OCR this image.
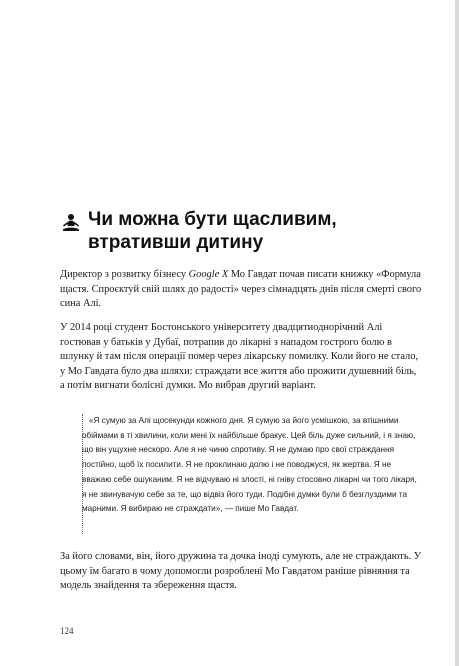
Чи можна бути щасливим,
втративши дитину

Директор з розвитку бізнесу Google X Мо Гавдат почав писати книжку «Формула щастя. Спроєктуй свій шлях до радості» через сімнадцять днів після смерті свого сина Алі.

У 2014 році студент Бостонського університету двадцятиоднорічний Алі гостював у батьків у Дубаї, потрапив до лікарні з нападом гострого болю в шлунку й там після операції помер через лікарську помилку. Коли його не стало, у Мо Гавдата було два шляхи: страждати все життя або прожити душевний біль, а потім вигнати болісні думки. Мо вибрав другий варіант.

«Я сумую за Алі щосекунди кожного дня. Я сумую за його усмішкою, за втішними обіймами в ті хвилини, коли мені їх найбільше бракує. Цей біль дуже сильний, і я знаю, що він ущухне нескоро. Але я не чиню спротиву. Я не думаю про свої страждання постійно, щоб їх посилити. Я не проклинаю долю і не поводжуся, як жертва. Я не вважаю себе ошуканим. Я не відчуваю ні злості, ні гніву стосовно лікарні чи того лікаря, я не звинувачую себе за те, що відвіз його туди. Подібні думки були б безглуздими та марними. Я вибираю не страждати», — пише Мо Гавдат.

За його словами, він, його дружина та дочка іноді сумують, але не страждають. У цьому їм багато в чому допомогли розроблені Мо Гавдатом раніше рівняння та модель знайдення та збереження щастя.

124
